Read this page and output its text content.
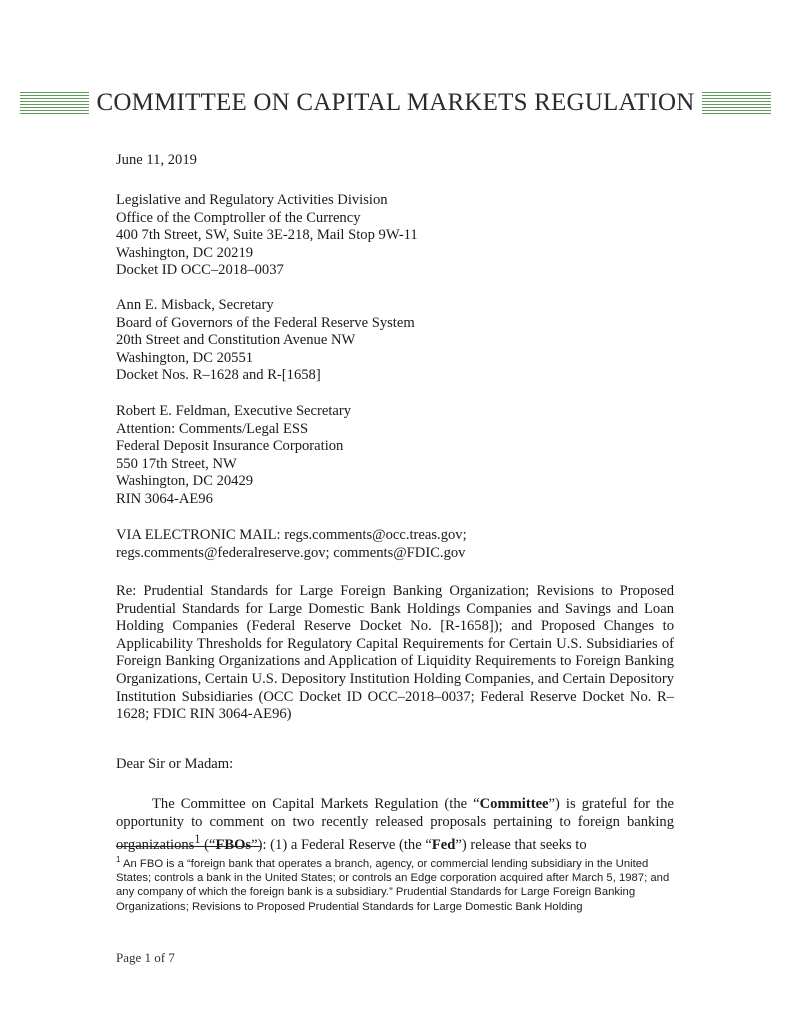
COMMITTEE ON CAPITAL MARKETS REGULATION
June 11, 2019
Legislative and Regulatory Activities Division
Office of the Comptroller of the Currency
400 7th Street, SW, Suite 3E-218, Mail Stop 9W-11
Washington, DC 20219
Docket ID OCC–2018–0037
Ann E. Misback, Secretary
Board of Governors of the Federal Reserve System
20th Street and Constitution Avenue NW
Washington, DC 20551
Docket Nos. R–1628 and R-[1658]
Robert E. Feldman, Executive Secretary
Attention: Comments/Legal ESS
Federal Deposit Insurance Corporation
550 17th Street, NW
Washington, DC 20429
RIN 3064-AE96
VIA ELECTRONIC MAIL: regs.comments@occ.treas.gov;
regs.comments@federalreserve.gov; comments@FDIC.gov
Re: Prudential Standards for Large Foreign Banking Organization; Revisions to Proposed Prudential Standards for Large Domestic Bank Holdings Companies and Savings and Loan Holding Companies (Federal Reserve Docket No. [R-1658]); and Proposed Changes to Applicability Thresholds for Regulatory Capital Requirements for Certain U.S. Subsidiaries of Foreign Banking Organizations and Application of Liquidity Requirements to Foreign Banking Organizations, Certain U.S. Depository Institution Holding Companies, and Certain Depository Institution Subsidiaries (OCC Docket ID OCC–2018–0037; Federal Reserve Docket No. R–1628; FDIC RIN 3064-AE96)
Dear Sir or Madam:

The Committee on Capital Markets Regulation (the “Committee”) is grateful for the opportunity to comment on two recently released proposals pertaining to foreign banking organizations$^1$ (“FBOs”): (1) a Federal Reserve (the “Fed”) release that seeks to

$^1$ An FBO is a “foreign bank that operates a branch, agency, or commercial lending subsidiary in the United States; controls a bank in the United States; or controls an Edge corporation acquired after March 5, 1987; and any company of which the foreign bank is a subsidiary.” Prudential Standards for Large Foreign Banking Organizations; Revisions to Proposed Prudential Standards for Large Domestic Bank Holding
Page 1 of 7
